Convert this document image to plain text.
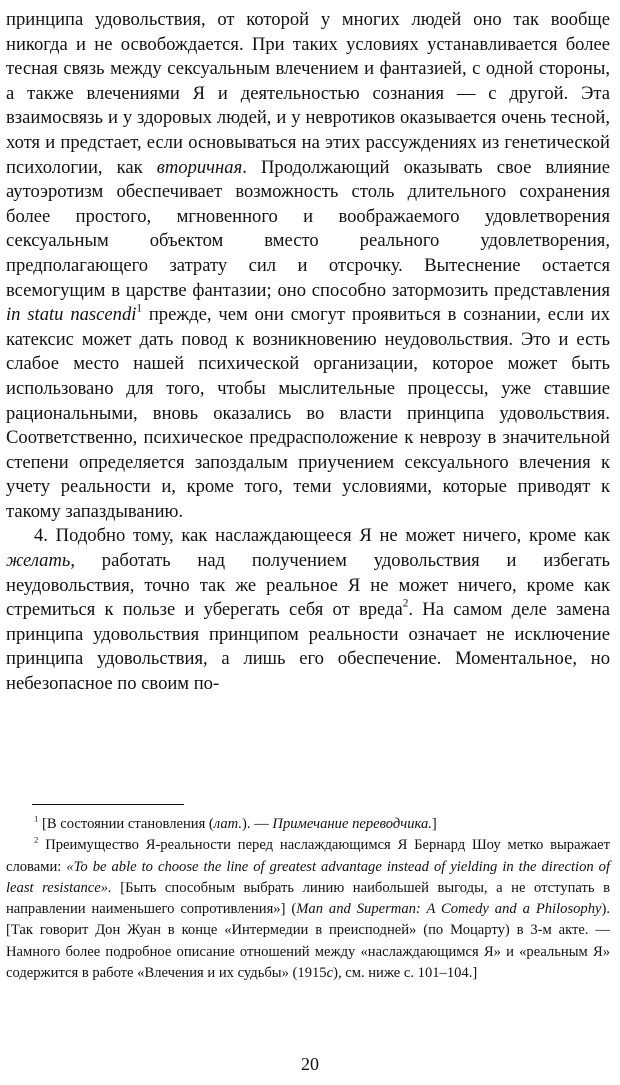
принципа удовольствия, от которой у многих людей оно так вообще никогда и не освобождается. При таких условиях устанавливается более тесная связь между сексуальным влечением и фантазией, с одной стороны, а также влечениями Я и деятельностью сознания — с другой. Эта взаимосвязь и у здоровых людей, и у невротиков оказывается очень тесной, хотя и предстает, если основываться на этих рассуждениях из генетической психологии, как вторичная. Продолжающий оказывать свое влияние аутоэротизм обеспечивает возможность столь длительного сохранения более простого, мгновенного и воображаемого удовлетворения сексуальным объектом вместо реального удовлетворения, предполагающего затрату сил и отсрочку. Вытеснение остается всемогущим в царстве фантазии; оно способно затормозить представления in statu nascendi$^1$ прежде, чем они смогут проявиться в сознании, если их катексис может дать повод к возникновению неудовольствия. Это и есть слабое место нашей психической организации, которое может быть использовано для того, чтобы мыслительные процессы, уже ставшие рациональными, вновь оказались во власти принципа удовольствия. Соответственно, психическое предрасположение к неврозу в значительной степени определяется запоздалым приучением сексуального влечения к учету реальности и, кроме того, теми условиями, которые приводят к такому запаздыванию.

4. Подобно тому, как наслаждающееся Я не может ничего, кроме как желать, работать над получением удовольствия и избегать неудовольствия, точно так же реальное Я не может ничего, кроме как стремиться к пользе и уберегать себя от вреда$^2$. На самом деле замена принципа удовольствия принципом реальности означает не исключение принципа удовольствия, а лишь его обеспечение. Моментальное, но небезопасное по своим по-

$^1$ [В состоянии становления (лат.). — Примечание переводчика.]

$^2$ Преимущество Я-реальности перед наслаждающимся Я Бернард Шоу метко выражает словами: «To be able to choose the line of greatest advantage instead of yielding in the direction of least resistance». [Быть способным выбрать линию наибольшей выгоды, а не отступать в направлении наименьшего сопротивления»] (Man and Superman: A Comedy and a Philosophy). [Так говорит Дон Жуан в конце «Интермедии в преисподней» (по Моцарту) в 3-м акте. — Намного более подробное описание отношений между «наслаждающимся Я» и «реальным Я» содержится в работе «Влечения и их судьбы» (1915c), см. ниже с. 101–104.]

20
